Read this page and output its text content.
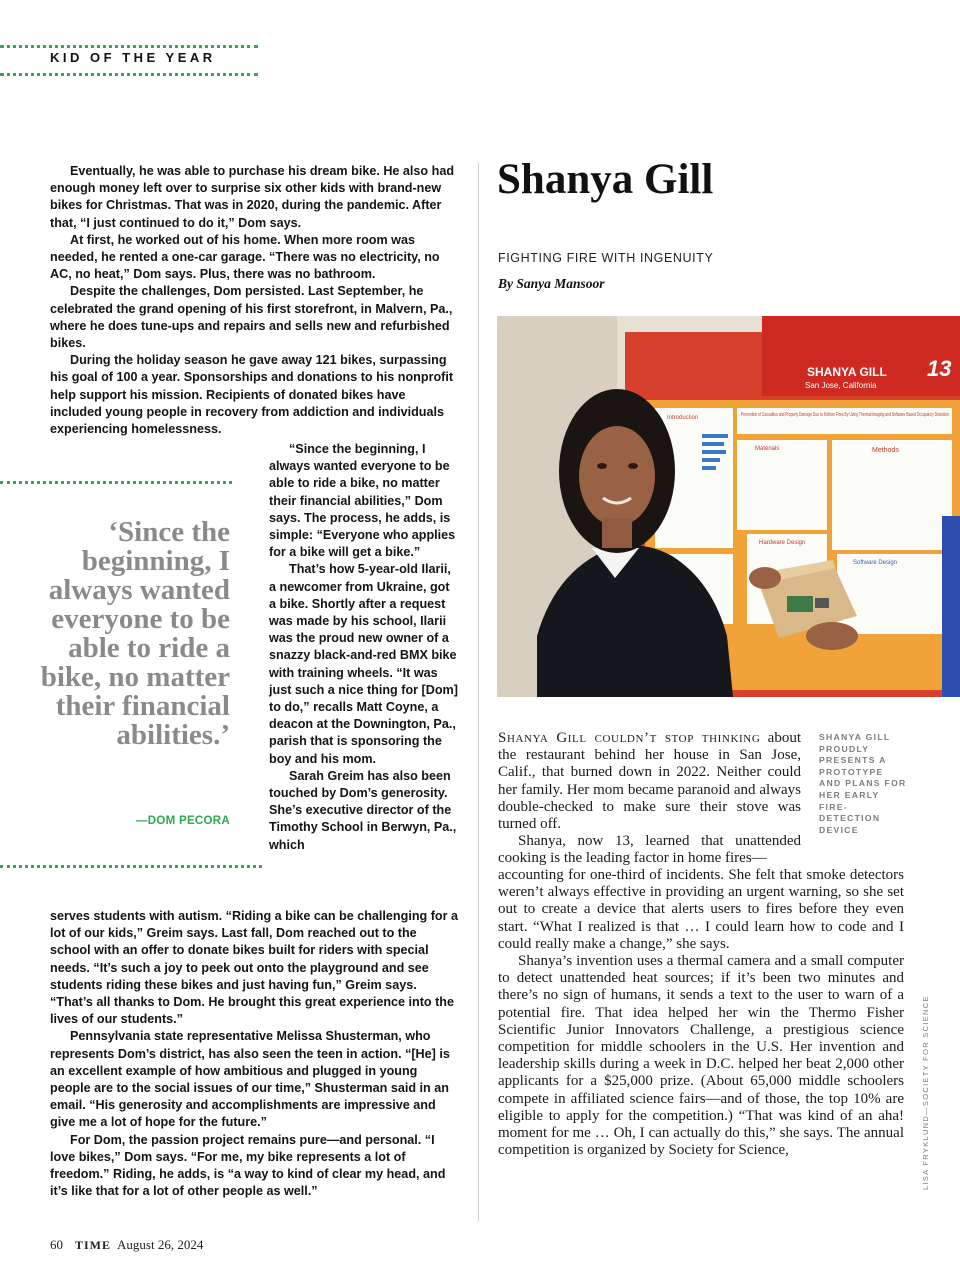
KID OF THE YEAR

Eventually, he was able to purchase his dream bike. He also had enough money left over to surprise six other kids with brand-new bikes for Christmas. That was in 2020, during the pandemic. After that, “I just continued to do it,” Dom says.

At first, he worked out of his home. When more room was needed, he rented a one-car garage. “There was no electricity, no AC, no heat,” Dom says. Plus, there was no bathroom.

Despite the challenges, Dom persisted. Last September, he celebrated the grand opening of his first storefront, in Malvern, Pa., where he does tune-ups and repairs and sells new and refurbished bikes.

During the holiday season he gave away 121 bikes, surpassing his goal of 100 a year. Sponsorships and donations to his nonprofit help support his mission. Recipients of donated bikes have included young people in recovery from addiction and individuals experiencing homelessness.

‘Since the beginning, I always wanted everyone to be able to ride a bike, no matter their financial abilities.’
—DOM PECORA

“Since the beginning, I always wanted everyone to be able to ride a bike, no matter their financial abilities,” Dom says. The process, he adds, is simple: “Everyone who applies for a bike will get a bike.”

That’s how 5-year-old Ilarii, a newcomer from Ukraine, got a bike. Shortly after a request was made by his school, Ilarii was the proud new owner of a snazzy black-and-red BMX bike with training wheels. “It was just such a nice thing for [Dom] to do,” recalls Matt Coyne, a deacon at the Downington, Pa., parish that is sponsoring the boy and his mom.

Sarah Greim has also been touched by Dom’s generosity. She’s executive director of the Timothy School in Berwyn, Pa., which

serves students with autism. “Riding a bike can be challenging for a lot of our kids,” Greim says. Last fall, Dom reached out to the school with an offer to donate bikes built for riders with special needs. “It’s such a joy to peek out onto the playground and see students riding these bikes and just having fun,” Greim says. “That’s all thanks to Dom. He brought this great experience into the lives of our students.”

Pennsylvania state representative Melissa Shusterman, who represents Dom’s district, has also seen the teen in action. “[He] is an excellent example of how ambitious and plugged in young people are to the social issues of our time,” Shusterman said in an email. “His generosity and accomplishments are impressive and give me a lot of hope for the future.”

For Dom, the passion project remains pure—and personal. “I love bikes,” Dom says. “For me, my bike represents a lot of freedom.” Riding, he adds, is “a way to kind of clear my head, and it’s like that for a lot of other people as well.”

Shanya Gill
FIGHTING FIRE WITH INGENUITY
By Sanya Mansoor
SHANYA GILL
San Jose, California
13
Introduction	Prevention of Casualties and Property Damage Due to Kitchen Fires By Using Thermal Imaging and Software Based Occupancy Detection
Materials	Methods
Hardware Design
Software Design
SHANYA GILL PROUDLY PRESENTS A PROTOTYPE AND PLANS FOR HER EARLY FIRE-DETECTION DEVICE

Shanya Gill couldn’t stop thinking about the restaurant behind her house in San Jose, Calif., that burned down in 2022. Neither could her family. Her mom became paranoid and always double-checked to make sure their stove was turned off.

Shanya, now 13, learned that unattended cooking is the leading factor in home fires—

accounting for one-third of incidents. She felt that smoke detectors weren’t always effective in providing an urgent warning, so she set out to create a device that alerts users to fires before they even start. “What I realized is that … I could learn how to code and I could really make a change,” she says.

Shanya’s invention uses a thermal camera and a small computer to detect unattended heat sources; if it’s been two minutes and there’s no sign of humans, it sends a text to the user to warn of a potential fire. That idea helped her win the Thermo Fisher Scientific Junior Innovators Challenge, a prestigious science competition for middle schoolers in the U.S. Her invention and leadership skills during a week in D.C. helped her beat 2,000 other applicants for a $25,000 prize. (About 65,000 middle schoolers compete in affiliated science fairs—and of those, the top 10% are eligible to apply for the competition.) “That was kind of an aha! moment for me … Oh, I can actually do this,” she says. The annual competition is organized by Society for Science,	LISA FRYKLUND—SOCIETY FOR SCIENCE
60 TIME August 26, 2024
